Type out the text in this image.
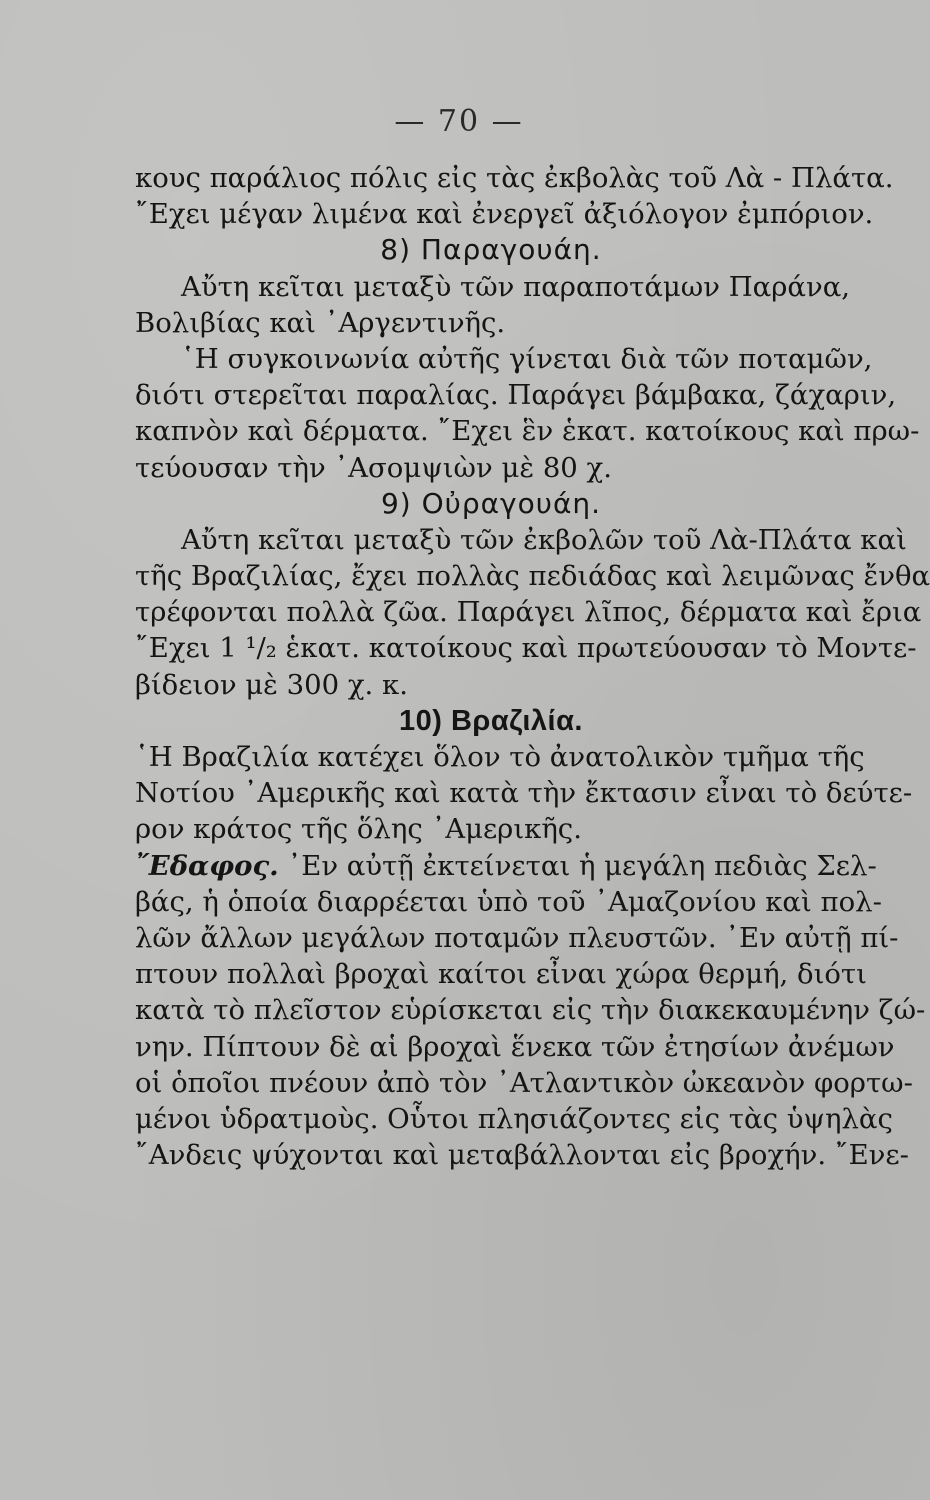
— 70 —
κους παράλιος πόλις εἰς τὰς ἐκβολὰς τοῦ Λὰ - Πλάτα.
῎Εχει μέγαν λιμένα καὶ ἐνεργεῖ ἀξιόλογον ἐμπόριον.
8) Παραγουάη.
Αὔτη κεῖται μεταξὺ τῶν παραποτάμων Παράνα,
Βολιβίας καὶ ᾿Αργεντινῆς.
῾Η συγκοινωνία αὐτῆς γίνεται διὰ τῶν ποταμῶν,
διότι στερεῖται παραλίας. Παράγει βάμβακα, ζάχαριν,
καπνὸν καὶ δέρματα. ῎Εχει ἓν ἑκατ. κατοίκους καὶ πρω-
τεύουσαν τὴν ᾿Ασομψιὼν μὲ 80 χ.
9) Οὐραγουάη.
Αὔτη κεῖται μεταξὺ τῶν ἐκβολῶν τοῦ Λὰ-Πλάτα καὶ
τῆς Βραζιλίας, ἔχει πολλὰς πεδιάδας καὶ λειμῶνας ἔνθα
τρέφονται πολλὰ ζῶα. Παράγει λῖπος, δέρματα καὶ ἔρια
῎Εχει 1 ¹/₂ ἑκατ. κατοίκους καὶ πρωτεύουσαν τὸ Μοντε-
βίδειον μὲ 300 χ. κ.
10) Βραζιλία.
῾Η Βραζιλία κατέχει ὅλον τὸ ἀνατολικὸν τμῆμα τῆς
Νοτίου ᾿Αμερικῆς καὶ κατὰ τὴν ἔκτασιν εἶναι τὸ δεύτε-
ρον κράτος τῆς ὅλης ᾿Αμερικῆς.
῎Εδαφος. ᾿Εν αὐτῇ ἐκτείνεται ἡ μεγάλη πεδιὰς Σελ-
βάς, ἡ ὁποία διαρρέεται ὑπὸ τοῦ ᾿Αμαζονίου καὶ πολ-
λῶν ἄλλων μεγάλων ποταμῶν πλευστῶν. ᾿Εν αὐτῇ πί-
πτουν πολλαὶ βροχαὶ καίτοι εἶναι χώρα θερμή, διότι
κατὰ τὸ πλεῖστον εὑρίσκεται εἰς τὴν διακεκαυμένην ζώ-
νην. Πίπτουν δὲ αἱ βροχαὶ ἕνεκα τῶν ἐτησίων ἀνέμων
οἱ ὁποῖοι πνέουν ἀπὸ τὸν ᾿Ατλαντικὸν ὠκεανὸν φορτω-
μένοι ὑδρατμοὺς. Οὗτοι πλησιάζοντες εἰς τὰς ὑψηλὰς
῎Ανδεις ψύχονται καὶ μεταβάλλονται εἰς βροχήν. ῎Ενε-
